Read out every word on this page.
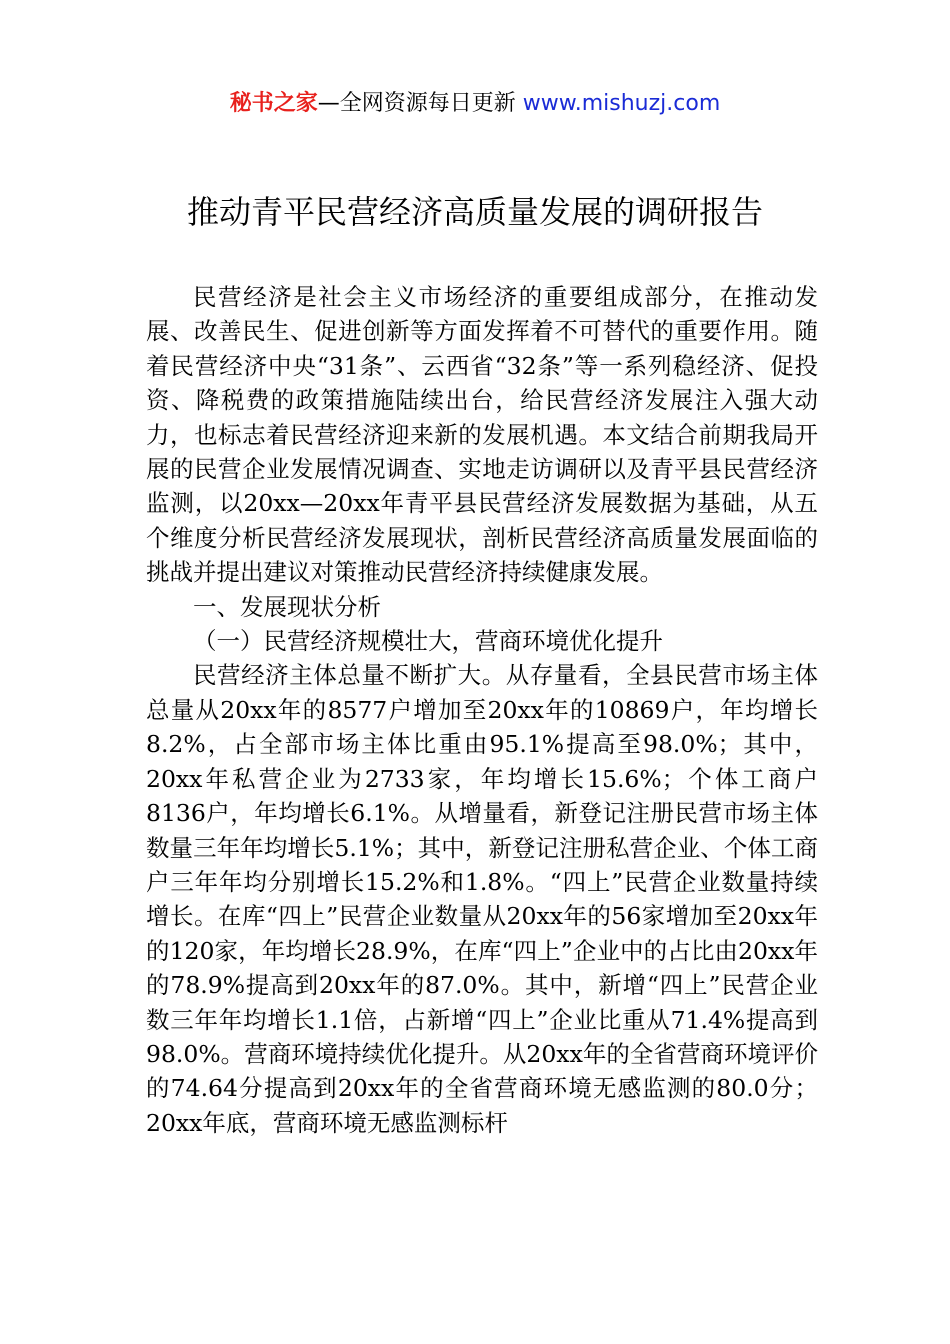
秘书之家—全网资源每日更新 www.mishuzj.com
推动青平民营经济高质量发展的调研报告

民营经济是社会主义市场经济的重要组成部分，在推动发展、改善民生、促进创新等方面发挥着不可替代的重要作用。随着民营经济中央“31条”、云西省“32条”等一系列稳经济、促投资、降税费的政策措施陆续出台，给民营经济发展注入强大动力，也标志着民营经济迎来新的发展机遇。本文结合前期我局开展的民营企业发展情况调查、实地走访调研以及青平县民营经济监测，以20xx—20xx年青平县民营经济发展数据为基础，从五个维度分析民营经济发展现状，剖析民营经济高质量发展面临的挑战并提出建议对策推动民营经济持续健康发展。

一、发展现状分析

（一）民营经济规模壮大，营商环境优化提升

民营经济主体总量不断扩大。从存量看，全县民营市场主体总量从20xx年的8577户增加至20xx年的10869户，年均增长8.2%，占全部市场主体比重由95.1%提高至98.0%；其中，20xx年私营企业为2733家，年均增长15.6%；个体工商户8136户，年均增长6.1%。从增量看，新登记注册民营市场主体数量三年年均增长5.1%；其中，新登记注册私营企业、个体工商户三年年均分别增长15.2%和1.8%。“四上”民营企业数量持续增长。在库“四上”民营企业数量从20xx年的56家增加至20xx年的120家，年均增长28.9%，在库“四上”企业中的占比由20xx年的78.9%提高到20xx年的87.0%。其中，新增“四上”民营企业数三年年均增长1.1倍，占新增“四上”企业比重从71.4%提高到98.0%。营商环境持续优化提升。从20xx年的全省营商环境评价的74.64分提高到20xx年的全省营商环境无感监测的80.0分；20xx年底，营商环境无感监测标杆
